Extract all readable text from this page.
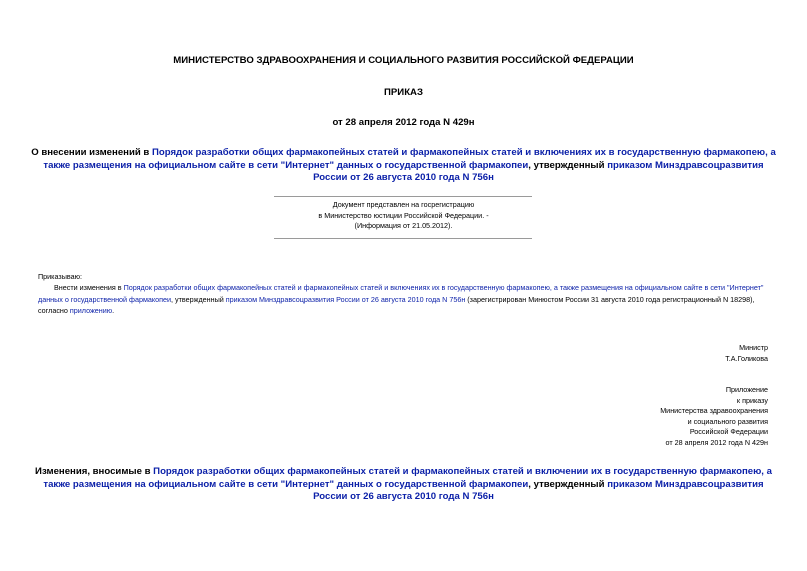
МИНИСТЕРСТВО ЗДРАВООХРАНЕНИЯ И СОЦИАЛЬНОГО РАЗВИТИЯ РОССИЙСКОЙ ФЕДЕРАЦИИ
ПРИКАЗ
от 28 апреля 2012 года N 429н
О внесении изменений в Порядок разработки общих фармакопейных статей и фармакопейных статей и включениях их в государственную фармакопею, а также размещения на официальном сайте в сети "Интернет" данных о государственной фармакопеи, утвержденный приказом Минздравсоцразвития России от 26 августа 2010 года N 756н
Документ представлен на госрегистрацию
в Министерство юстиции Российской Федерации. -
(Информация от 21.05.2012).
Приказываю:
Внести изменения в Порядок разработки общих фармакопейных статей и фармакопейных статей и включениях их в государственную фармакопею, а также размещения на официальном сайте в сети "Интернет" данных о государственной фармакопеи, утвержденный приказом Минздравсоцразвития России от 26 августа 2010 года N 756н (зарегистрирован Минюстом России 31 августа 2010 года регистрационный N 18298), согласно приложению.
Министр
Т.А.Голикова
Приложение
к приказу
Министерства здравоохранения
и социального развития
Российской Федерации
от 28 апреля 2012 года N 429н
Изменения, вносимые в Порядок разработки общих фармакопейных статей и фармакопейных статей и включении их в государственную фармакопею, а также размещения на официальном сайте в сети "Интернет" данных о государственной фармакопеи, утвержденный приказом Минздравсоцразвития России от 26 августа 2010 года N 756н
